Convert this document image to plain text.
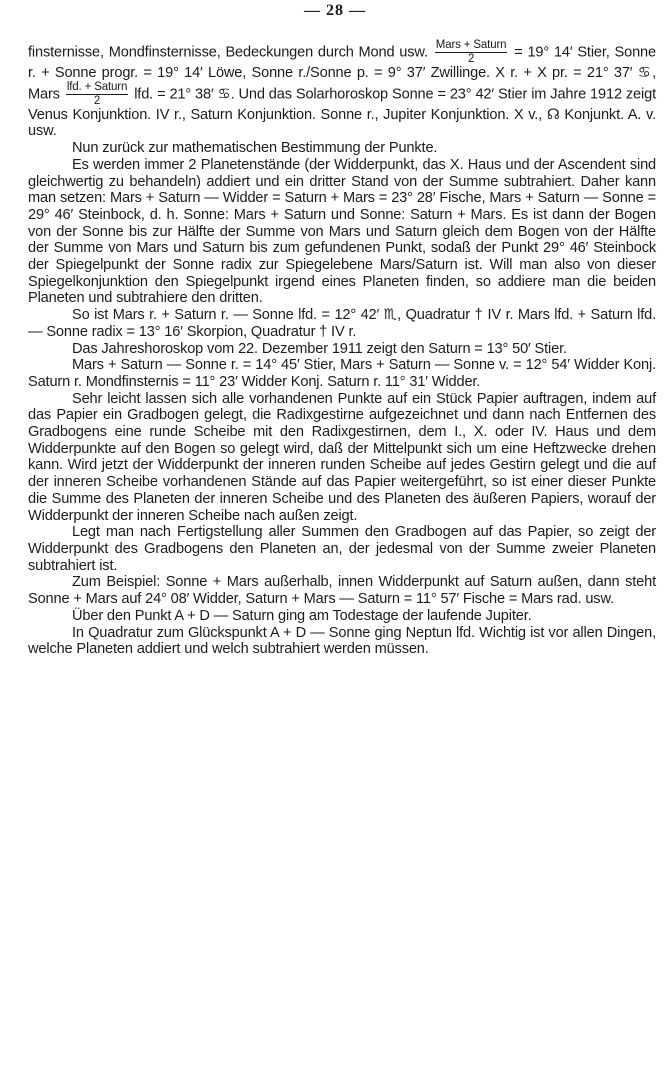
— 28 —

finsternisse, Mondfinsternisse, Bedeckungen durch Mond usw. $\frac{\text{Mars + Saturn}}{2} = 19^\circ$ 14′ Stier, Sonne r. + Sonne progr. = 19° 14′ Löwe, Sonne r./Sonne p. = 9° 37′ Zwillinge. X r. + X pr. = 21° 37′ ♋, Mars $\frac{\text{lfd. + Saturn}}{2}$ lfd. = 21° 38′ ♋. Und das Solarhoroskop Sonne = 23° 42′ Stier im Jahre 1912 zeigt Venus Konjunktion. IV r., Saturn Konjunktion. Sonne r., Jupiter Konjunktion. X v., ☊ Konjunkt. A. v. usw.

Nun zurück zur mathematischen Bestimmung der Punkte.

Es werden immer 2 Planetenstände (der Widderpunkt, das X. Haus und der Ascendent sind gleichwertig zu behandeln) addiert und ein dritter Stand von der Summe subtrahiert. Daher kann man setzen: Mars + Saturn — Widder = Saturn + Mars = 23° 28′ Fische, Mars + Saturn — Sonne = 29° 46′ Steinbock, d. h. Sonne: Mars + Saturn und Sonne: Saturn + Mars. Es ist dann der Bogen von der Sonne bis zur Hälfte der Summe von Mars und Saturn gleich dem Bogen von der Hälfte der Summe von Mars und Saturn bis zum gefundenen Punkt, sodaß der Punkt 29° 46′ Steinbock der Spiegelpunkt der Sonne radix zur Spiegelebene Mars/Saturn ist. Will man also von dieser Spiegelkonjunktion den Spiegelpunkt irgend eines Planeten finden, so addiere man die beiden Planeten und subtrahiere den dritten.

So ist Mars r. + Saturn r. — Sonne lfd. = 12° 42′ ♏, Quadratur † IV r. Mars lfd. + Saturn lfd. — Sonne radix = 13° 16′ Skorpion, Quadratur † IV r.

Das Jahreshoroskop vom 22. Dezember 1911 zeigt den Saturn = 13° 50′ Stier.

Mars + Saturn — Sonne r. = 14° 45′ Stier, Mars + Saturn — Sonne v. = 12° 54′ Widder Konj. Saturn r. Mondfinsternis = 11° 23′ Widder Konj. Saturn r. 11° 31′ Widder.

Sehr leicht lassen sich alle vorhandenen Punkte auf ein Stück Papier auftragen, indem auf das Papier ein Gradbogen gelegt, die Radixgestirne aufgezeichnet und dann nach Entfernen des Gradbogens eine runde Scheibe mit den Radixgestirnen, dem I., X. oder IV. Haus und dem Widderpunkte auf den Bogen so gelegt wird, daß der Mittelpunkt sich um eine Heftzwecke drehen kann. Wird jetzt der Widderpunkt der inneren runden Scheibe auf jedes Gestirn gelegt und die auf der inneren Scheibe vorhandenen Stände auf das Papier weitergeführt, so ist einer dieser Punkte die Summe des Planeten der inneren Scheibe und des Planeten des äußeren Papiers, worauf der Widderpunkt der inneren Scheibe nach außen zeigt.

Legt man nach Fertigstellung aller Summen den Gradbogen auf das Papier, so zeigt der Widderpunkt des Gradbogens den Planeten an, der jedesmal von der Summe zweier Planeten subtrahiert ist.

Zum Beispiel: Sonne + Mars außerhalb, innen Widderpunkt auf Saturn außen, dann steht Sonne + Mars auf 24° 08′ Widder, Saturn + Mars — Saturn = 11° 57′ Fische = Mars rad. usw.

Über den Punkt A + D — Saturn ging am Todestage der laufende Jupiter.

In Quadratur zum Glückspunkt A + D — Sonne ging Neptun lfd. Wichtig ist vor allen Dingen, welche Planeten addiert und welch subtrahiert werden müssen.
